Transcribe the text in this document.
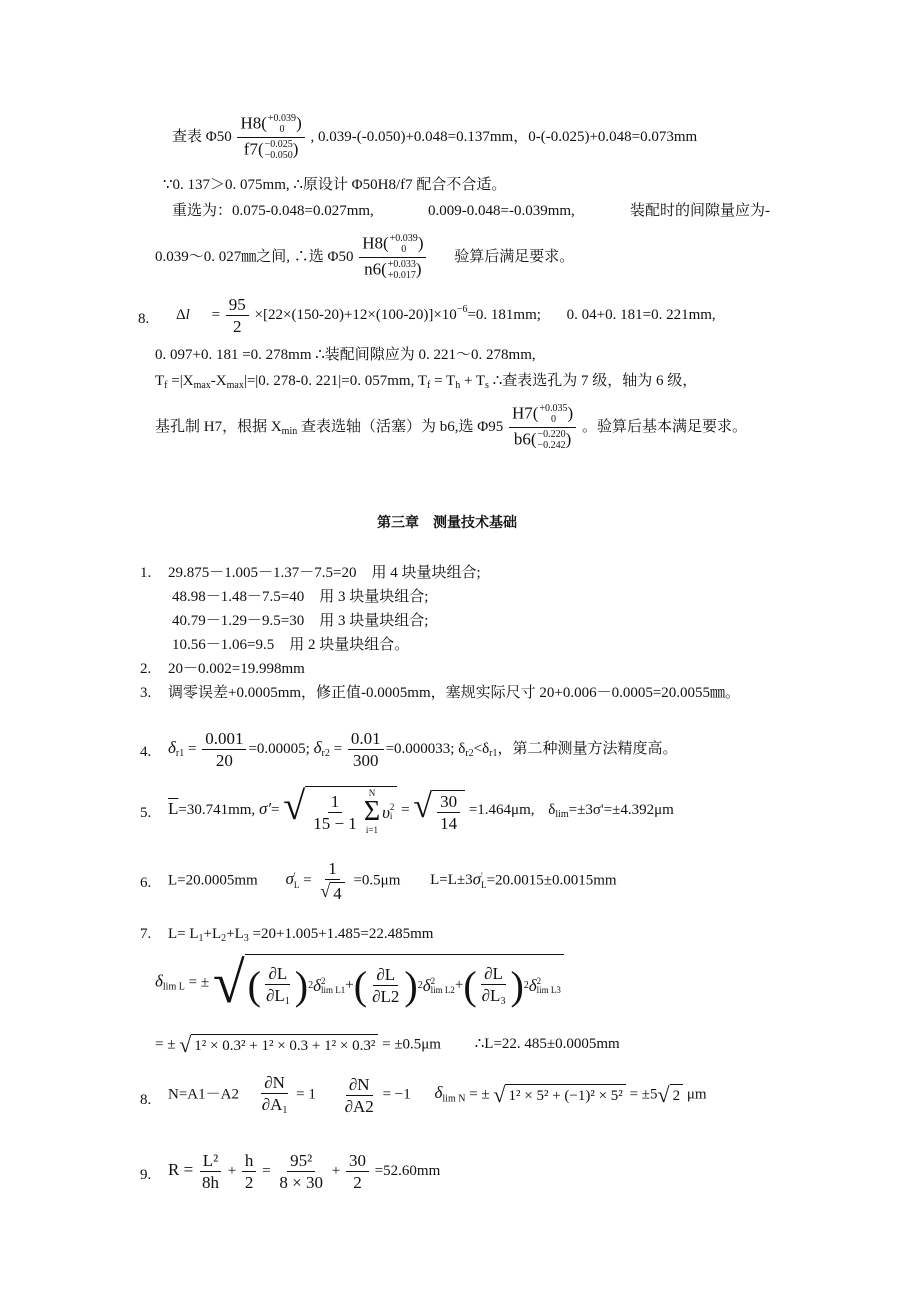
查表 Φ50 H8( +0.039
0 )
f7( −0.025
−0.050 ) , 0.039-(-0.050)+0.048=0.137mm，0-(-0.025)+0.048=0.073mm
∵0. 137＞0. 075mm, ∴原设计 Φ50H8/f7 配合不合适。
重选为：0.075-0.048=0.027mm,	0.009-0.048=-0.039mm,	装配时的间隙量应为-
0.039～0. 027㎜之间, ∴选 Φ50 H8( +0.039
0 )
n6( +0.033
+0.017 ) 验算后满足要求。
8. $\Delta l = \frac{95}{2} \times[22\times(150-20)+12\times(100-20)]\times 10^{-6}=0$. 181mm; 0. 04+0. 181=0. 221mm,
0. 097+0. 181 =0. 278mm ∴装配间隙应为 0. 221～0. 278mm,
$T_f =|X_{max}-X_{max}|=|0$. 278-0. 221|=0. 057mm, $T_f = T_h + T_s$ ∴查表选孔为 7 级，轴为 6 级，
基孔制 H7，根据 $X_{min}$ 查表选轴（活塞）为 b6,选 Φ95 H7( +0.035
0 )
b6( −0.220
−0.242 ) 。验算后基本满足要求。
第三章　测量技术基础
1. 29.875－1.005－1.37－7.5=20　用 4 块量块组合;
48.98－1.48－7.5=40　用 3 块量块组合;
40.79－1.29－9.5=30　用 3 块量块组合;
10.56－1.06=9.5　用 2 块量块组合。
2. 20－0.002=19.998mm
3. 调零误差+0.0005mm，修正值-0.0005mm，塞规实际尺寸 20+0.006－0.0005=20.0055㎜。
4. $\delta_{r1} = \frac{0.001}{20} =0.00005$; $\delta_{r2} = \frac{0.01}{300} =0.000033$; $\delta_{r2}<\delta_{r1}$，第二种测量方法精度高。
5. $\overline{L}=30.741mm$, σ′= √ $\frac{1}{15 - 1}$ N
Σ
i=1
υ 2
i = √ $\frac{30}{14} =1.464\mu m$, $\delta_{lim}=\pm 3\sigma'=\pm 4.392\mu m$
6. L=20.0005mm σ '
$L = \frac{1}{√ 4} =0.5\mu m$ L=L±3σ '
L =20.0015±0.0015mm
7. $L= L_1+L_2+L_3 =20+1.005+1.485=22.485mm$
$\delta_{lim L}$ = ± √ ( $\frac{\partial L}{\partial L_1}$ ) 2 δ 2
lim L1 + ( $\frac{\partial L}{\partial L2}$ ) 2 δ 2
lim L2 + ( $\frac{\partial L}{\partial L_3}$ ) 2 δ 2
lim L3
= ± √ 1² × 0.3² + 1² × 0.3 + 1² × 0.3² = ±0.5μm ∴L=22. 485±0.0005mm
8. $N=A1-A2 \frac{\partial N}{\partial A_1} = 1 \frac{\partial N}{\partial A2} = -1$ $\delta_{lim N}$ = ± √ 1² × 5² + (−1)² × 5² = ±5 √ 2 μm
9. $R = \frac{\text{L²}}{8h} + \frac{h}{2} = \frac{\text{95²}}{8 \times 30} + \frac{30}{2} =52.60mm$
